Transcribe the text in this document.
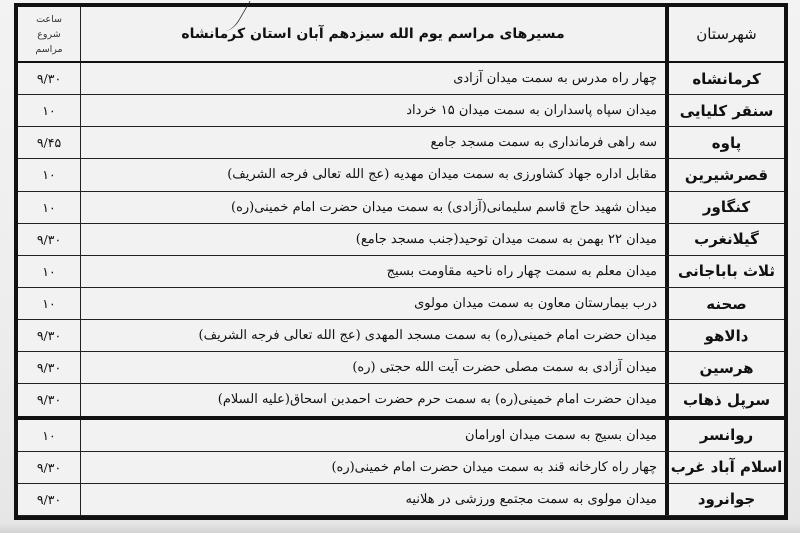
شهرستان
مسیرهای مراسم یوم الله سیزدهم آبان استان کرمانشاه
ساعت
شروع
مراسم
کرمانشاه
چهار راه مدرس به سمت میدان آزادی
۹/۳۰
سنقر کلیایی
میدان سپاه پاسداران به سمت میدان ۱۵ خرداد
۱۰
پاوه
سه راهی فرمانداری به سمت مسجد جامع
۹/۴۵
قصرشیرین
مقابل اداره جهاد کشاورزی به سمت میدان مهدیه (عج الله تعالی فرجه الشریف)
۱۰
کنگاور
میدان شهید حاج قاسم سلیمانی(آزادی) به سمت میدان حضرت امام خمینی(ره)
۱۰
گیلانغرب
میدان ۲۲ بهمن به سمت میدان توحید(جنب مسجد جامع)
۹/۳۰
ثلاث باباجانی
میدان معلم به سمت چهار راه ناحیه مقاومت بسیج
۱۰
صحنه
درب بیمارستان معاون به سمت میدان مولوی
۱۰
دالاهو
میدان حضرت امام خمینی(ره) به سمت مسجد المهدی (عج الله تعالی فرجه الشریف)
۹/۳۰
هرسین
میدان آزادی به سمت مصلی حضرت آیت الله حجتی (ره)
۹/۳۰
سرپل ذهاب
میدان حضرت امام خمینی(ره) به سمت حرم حضرت احمدبن اسحاق(علیه السلام)
۹/۳۰
روانسر
میدان بسیج به سمت میدان اورامان
۱۰
اسلام آباد غرب
چهار راه کارخانه قند به سمت میدان حضرت امام خمینی(ره)
۹/۳۰
جوانرود
میدان مولوی به سمت مجتمع ورزشی در هلانیه
۹/۳۰
